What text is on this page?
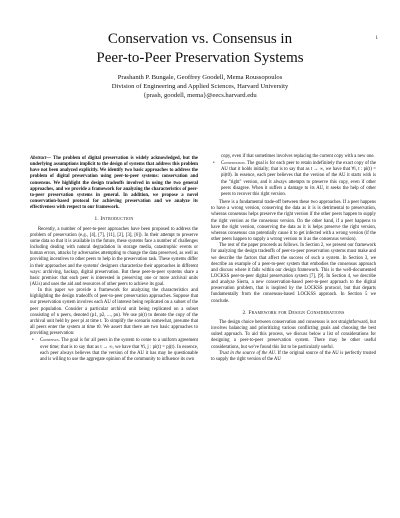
1
Conservation vs. Consensus in
Peer-to-Peer Preservation Systems
Prashanth P. Bungale, Geoffrey Goodell, Mema Roussopoulos
Division of Engineering and Applied Sciences, Harvard University
{prash, goodell, mema}@eecs.harvard.edu

Abstract— The problem of digital preservation is widely acknowledged, but the underlying assumptions implicit to the design of systems that address this problem have not been analyzed explicitly. We identify two basic approaches to address the problem of digital preservation using peer-to-peer systems: conservation and consensus. We highlight the design tradeoffs involved in using the two general approaches, and we provide a framework for analyzing the characteristics of peer-to-peer preservation systems in general. In addition, we propose a novel conservation-based protocol for achieving preservation and we analyze its effectiveness with respect to our framework.

1. Introduction

Recently, a number of peer-to-peer approaches have been proposed to address the problem of preservation (e.g., [4], [7], [11], [2], [3], [6]). In their attempt to preserve some data so that it is available in the future, these systems face a number of challenges including dealing with natural degradation in storage media, catastrophic events or human errors, attacks by adversaries attempting to change the data preserved, as well as providing incentives to other peers to help in the preservation task. These systems differ in their approaches and the systems' designers characterize their approaches in different ways: archiving, backup, digital preservation. But these peer-to-peer systems share a basic premise: that each peer is interested in preserving one or more archival units (AUs) and uses the aid and resources of other peers to achieve its goal.

In this paper we provide a framework for analyzing the characteristics and highlighting the design tradeoffs of peer-to-peer preservation approaches. Suppose that our preservation system involves each AU of interest being replicated on a subset of the peer population. Consider a particular archival unit being replicated on a subset consisting of n peers, denoted (p1, p2, ..., pn). We use pi(t) to denote the copy of the archival unit held by peer pi at time t. To simplify the scenario somewhat, presume that all peers enter the system at time t0. We assert that there are two basic approaches to providing preservation:

• Consensus. The goal is for all peers in the system to come to a uniform agreement over time; that is to say that as t → ∞, we have that ∀i, j : pi(t) = pj(t). In essence, each peer always believes that the version of the AU it has may be questionable and is willing to use the aggregate opinion of the community to influence its own

copy, even if that sometimes involves replacing the current copy with a new one.

• Conservation. The goal is for each peer to retain indefinitely the exact copy of the AU that it holds initially; that is to say that as t → ∞, we have that ∀i, t : pi(t) = pi(t0). In essence, each peer believes that the version of the AU it starts with is the "right" version, and it always attempts to preserve this copy, even if other peers disagree. When it suffers a damage to its AU, it seeks the help of other peers to recover this right version.

There is a fundamental trade-off between these two approaches. If a peer happens to have a wrong version, conserving the data as it is is detrimental to preservation, whereas consensus helps preserve the right version if the other peers happen to supply the right version as the consensus version. On the other hand, if a peer happens to have the right version, conserving the data as it is helps preserve the right version, whereas consensus can potentially cause it to get infected with a wrong version (if the other peers happen to supply a wrong version to it as the consensus version).

The rest of the paper proceeds as follows. In Section 2, we present our framework for analyzing the design tradeoffs of peer-to-peer preservation systems must make and we describe the factors that affect the success of such a system. In Section 3, we describe an example of a peer-to-peer system that embodies the consensus approach and discuss where it falls within our design framework. This is the well-documented LOCKSS peer-to-peer digital preservation system [7], [9]. In Section 4, we describe and analyze Sierra, a new conservation-based peer-to-peer approach to the digital preservation problem, that is inspired by the LOCKSS protocol, but that departs fundamentally from the consensus-based LOCKSS approach. In Section 5 we conclude.

2. Framework for Design Considerations

The design choice between conservation and consensus is not straightforward, but involves balancing and prioritizing various conflicting goals and choosing the best suited approach. To aid this process, we discuss below a list of considerations for designing a peer-to-peer preservation system. There may be other useful considerations, but we've found this list to be particularly useful.

Trust in the source of the AU. If the original source of the AU is perfectly trusted to supply the right version of the AU
